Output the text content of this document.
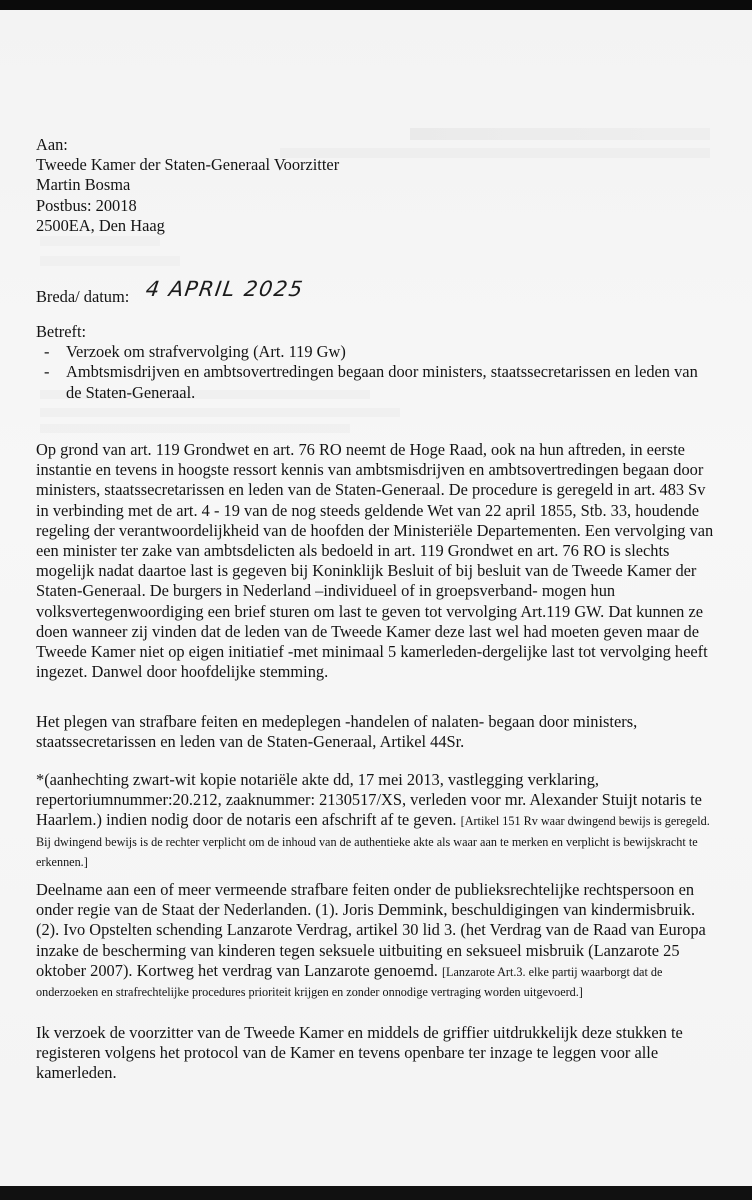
Aan:
Tweede Kamer der Staten-Generaal Voorzitter
Martin Bosma
Postbus: 20018
2500EA, Den Haag
Breda/ datum: 4 APRIL 2025
Betreft:
- Verzoek om strafvervolging (Art. 119 Gw)
- Ambtsmisdrijven en ambtsovertredingen begaan door ministers, staatssecretarissen en leden van de Staten-Generaal.

Op grond van art. 119 Grondwet en art. 76 RO neemt de Hoge Raad, ook na hun aftreden, in eerste instantie en tevens in hoogste ressort kennis van ambtsmisdrijven en ambtsovertredingen begaan door ministers, staatssecretarissen en leden van de Staten-Generaal. De procedure is geregeld in art. 483 Sv in verbinding met de art. 4 - 19 van de nog steeds geldende Wet van 22 april 1855, Stb. 33, houdende regeling der verantwoordelijkheid van de hoofden der Ministeriële Departementen. Een vervolging van een minister ter zake van ambtsdelicten als bedoeld in art. 119 Grondwet en art. 76 RO is slechts mogelijk nadat daartoe last is gegeven bij Koninklijk Besluit of bij besluit van de Tweede Kamer der Staten-Generaal. De burgers in Nederland –individueel of in groepsverband- mogen hun volksvertegenwoordiging een brief sturen om last te geven tot vervolging Art.119 GW. Dat kunnen ze doen wanneer zij vinden dat de leden van de Tweede Kamer deze last wel had moeten geven maar de Tweede Kamer niet op eigen initiatief -met minimaal 5 kamerleden-dergelijke last tot vervolging heeft ingezet. Danwel door hoofdelijke stemming.

Het plegen van strafbare feiten en medeplegen -handelen of nalaten- begaan door ministers, staatssecretarissen en leden van de Staten-Generaal, Artikel 44Sr.

*(aanhechting zwart-wit kopie notariële akte dd, 17 mei 2013, vastlegging verklaring, repertoriumnummer:20.212, zaaknummer: 2130517/XS, verleden voor mr. Alexander Stuijt notaris te Haarlem.) indien nodig door de notaris een afschrift af te geven. [Artikel 151 Rv waar dwingend bewijs is geregeld. Bij dwingend bewijs is de rechter verplicht om de inhoud van de authentieke akte als waar aan te merken en verplicht is bewijskracht te erkennen.]

Deelname aan een of meer vermeende strafbare feiten onder de publieksrechtelijke rechtspersoon en onder regie van de Staat der Nederlanden. (1). Joris Demmink, beschuldigingen van kindermisbruik. (2). Ivo Opstelten schending Lanzarote Verdrag, artikel 30 lid 3. (het Verdrag van de Raad van Europa inzake de bescherming van kinderen tegen seksuele uitbuiting en seksueel misbruik (Lanzarote 25 oktober 2007). Kortweg het verdrag van Lanzarote genoemd. [Lanzarote Art.3. elke partij waarborgt dat de onderzoeken en strafrechtelijke procedures prioriteit krijgen en zonder onnodige vertraging worden uitgevoerd.]

Ik verzoek de voorzitter van de Tweede Kamer en middels de griffier uitdrukkelijk deze stukken te registeren volgens het protocol van de Kamer en tevens openbare ter inzage te leggen voor alle kamerleden.
